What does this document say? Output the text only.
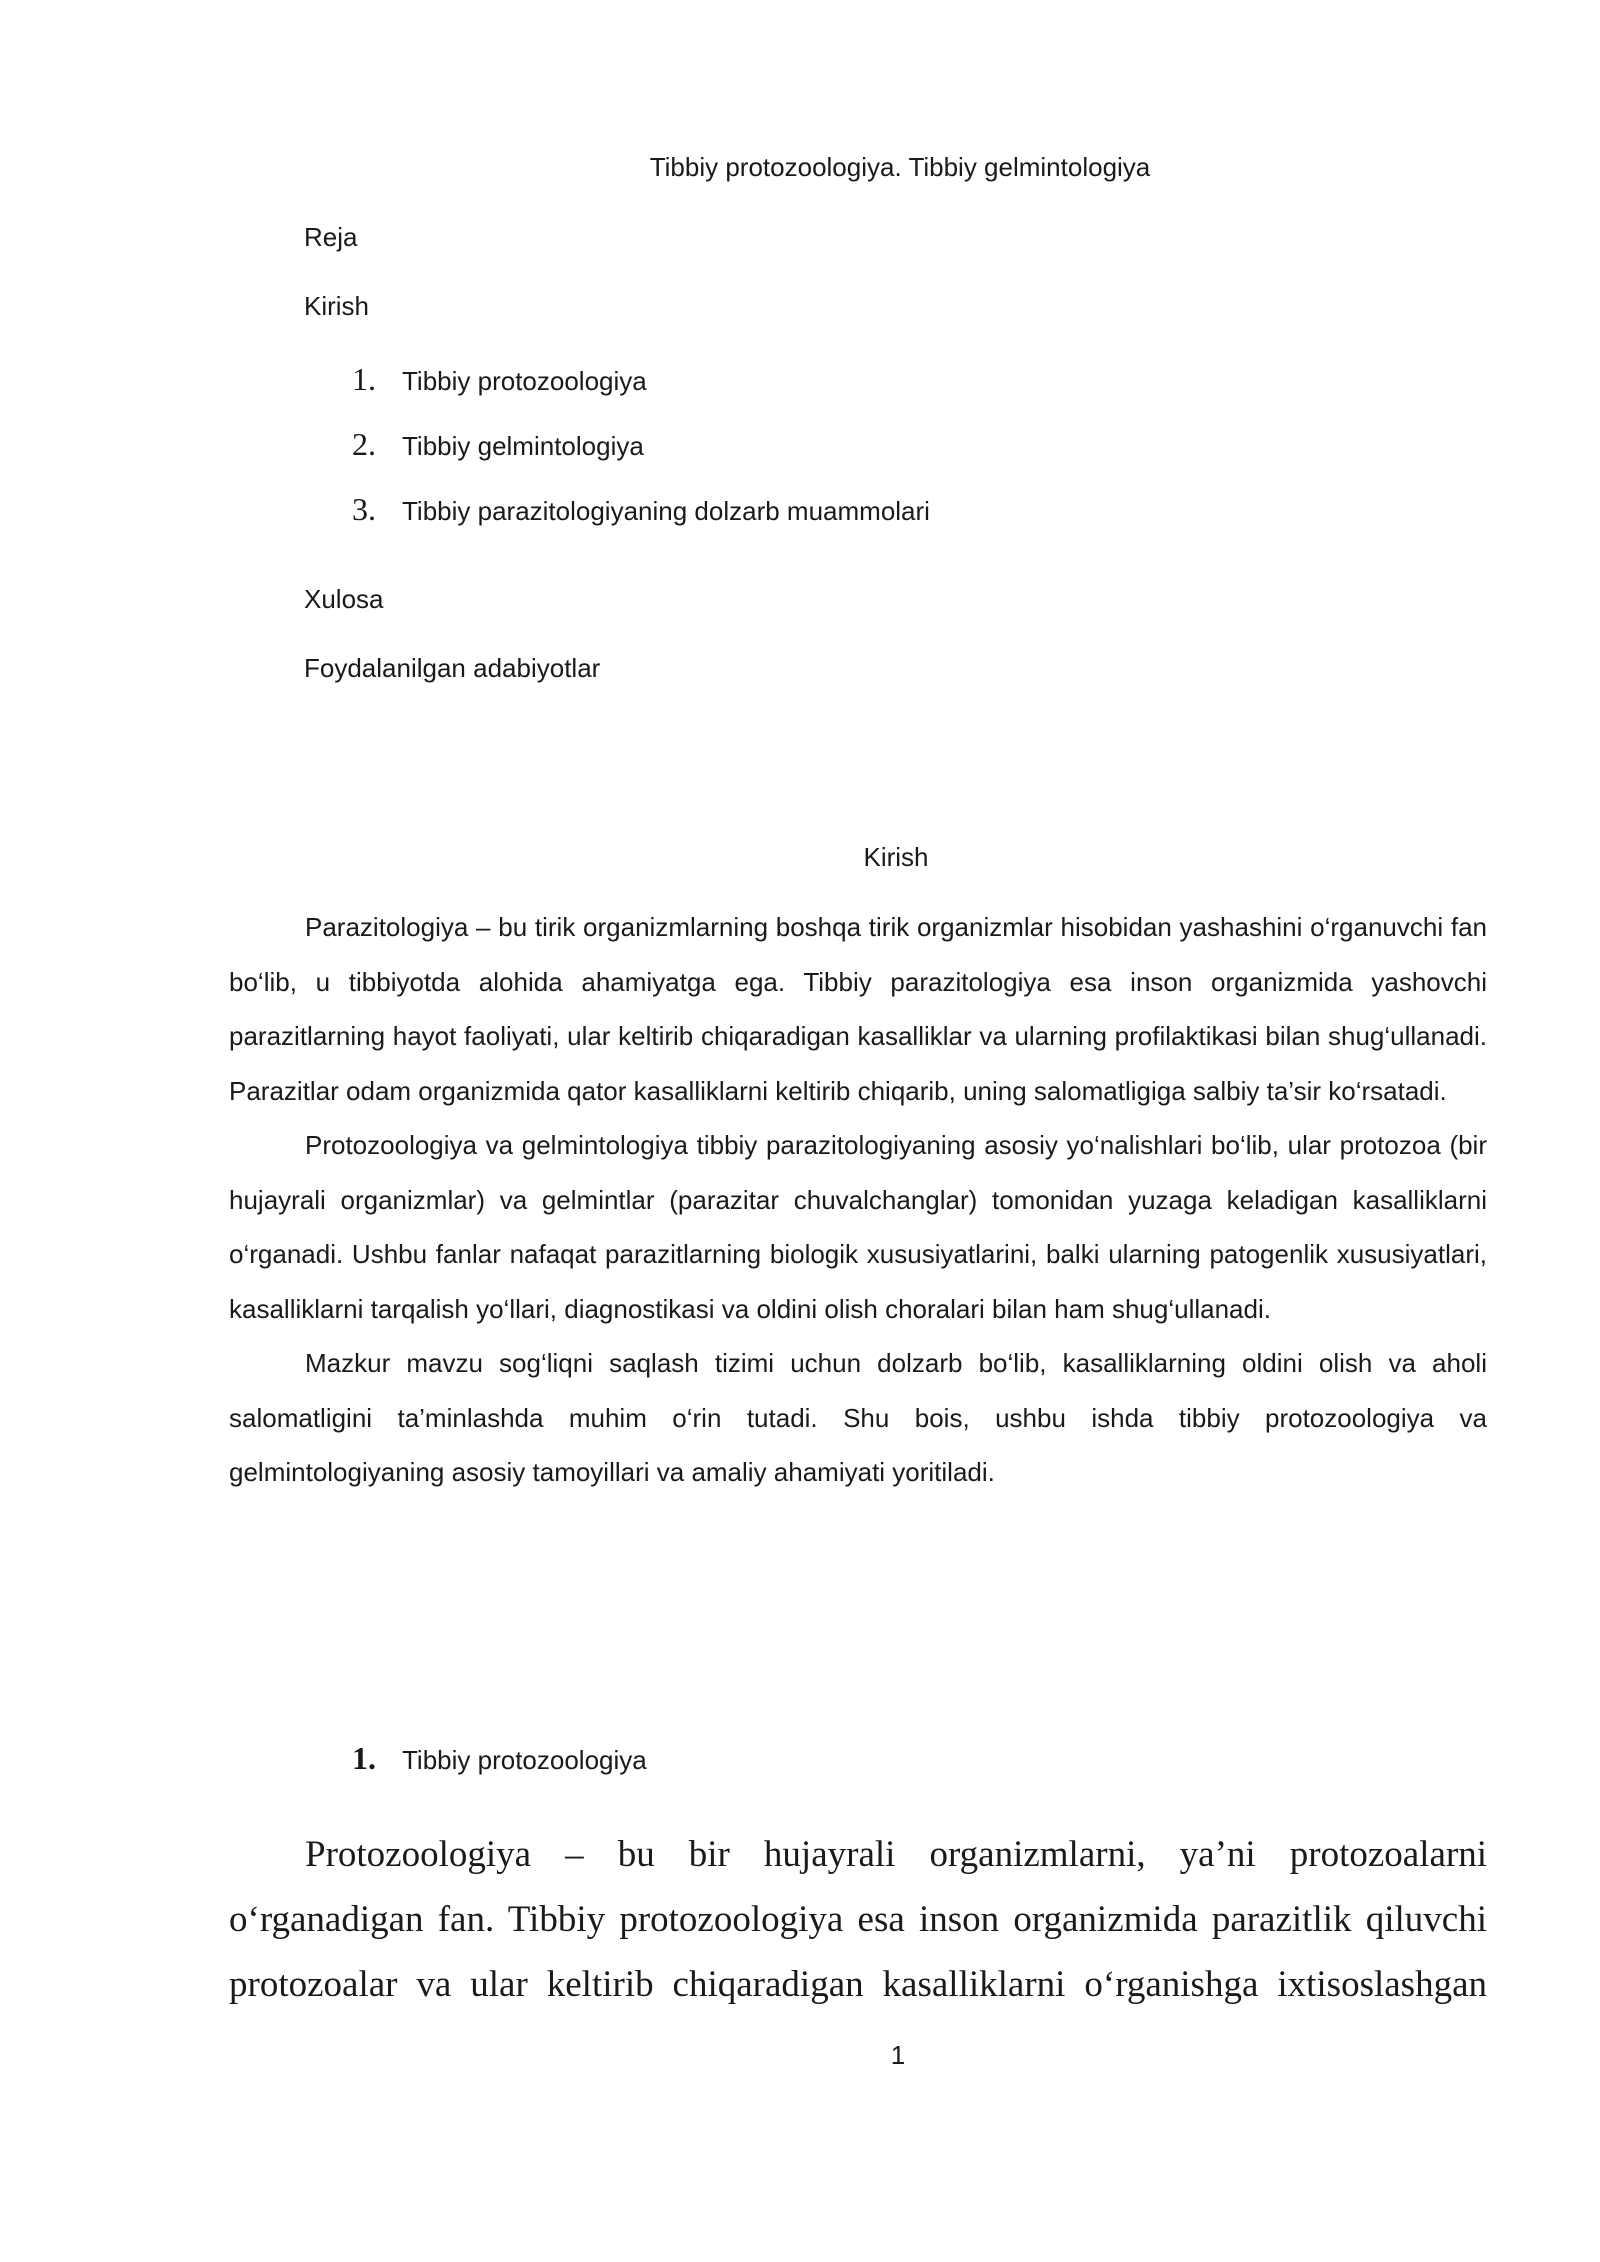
Tibbiy protozoologiya. Tibbiy gelmintologiya
Reja
Kirish
1.	Tibbiy protozoologiya
2.	Tibbiy gelmintologiya
3.	Tibbiy parazitologiyaning dolzarb muammolari
Xulosa
Foydalanilgan adabiyotlar
Kirish

Parazitologiya – bu tirik organizmlarning boshqa tirik organizmlar hisobidan yashashini o‘rganuvchi fan bo‘lib, u tibbiyotda alohida ahamiyatga ega. Tibbiy parazitologiya esa inson organizmida yashovchi parazitlarning hayot faoliyati, ular keltirib chiqaradigan kasalliklar va ularning profilaktikasi bilan shug‘ullanadi. Parazitlar odam organizmida qator kasalliklarni keltirib chiqarib, uning salomatligiga salbiy ta’sir ko‘rsatadi.

Protozoologiya va gelmintologiya tibbiy parazitologiyaning asosiy yo‘nalishlari bo‘lib, ular protozoa (bir hujayrali organizmlar) va gelmintlar (parazitar chuvalchanglar) tomonidan yuzaga keladigan kasalliklarni o‘rganadi. Ushbu fanlar nafaqat parazitlarning biologik xususiyatlarini, balki ularning patogenlik xususiyatlari, kasalliklarni tarqalish yo‘llari, diagnostikasi va oldini olish choralari bilan ham shug‘ullanadi.

Mazkur mavzu sog‘liqni saqlash tizimi uchun dolzarb bo‘lib, kasalliklarning oldini olish va aholi salomatligini ta’minlashda muhim o‘rin tutadi. Shu bois, ushbu ishda tibbiy protozoologiya va gelmintologiyaning asosiy tamoyillari va amaliy ahamiyati yoritiladi.

1.	Tibbiy protozoologiya

Protozoologiya – bu bir hujayrali organizmlarni, ya’ni protozoalarni o‘rganadigan fan. Tibbiy protozoologiya esa inson organizmida parazitlik qiluvchi protozoalar va ular keltirib chiqaradigan kasalliklarni o‘rganishga ixtisoslashgan

1
